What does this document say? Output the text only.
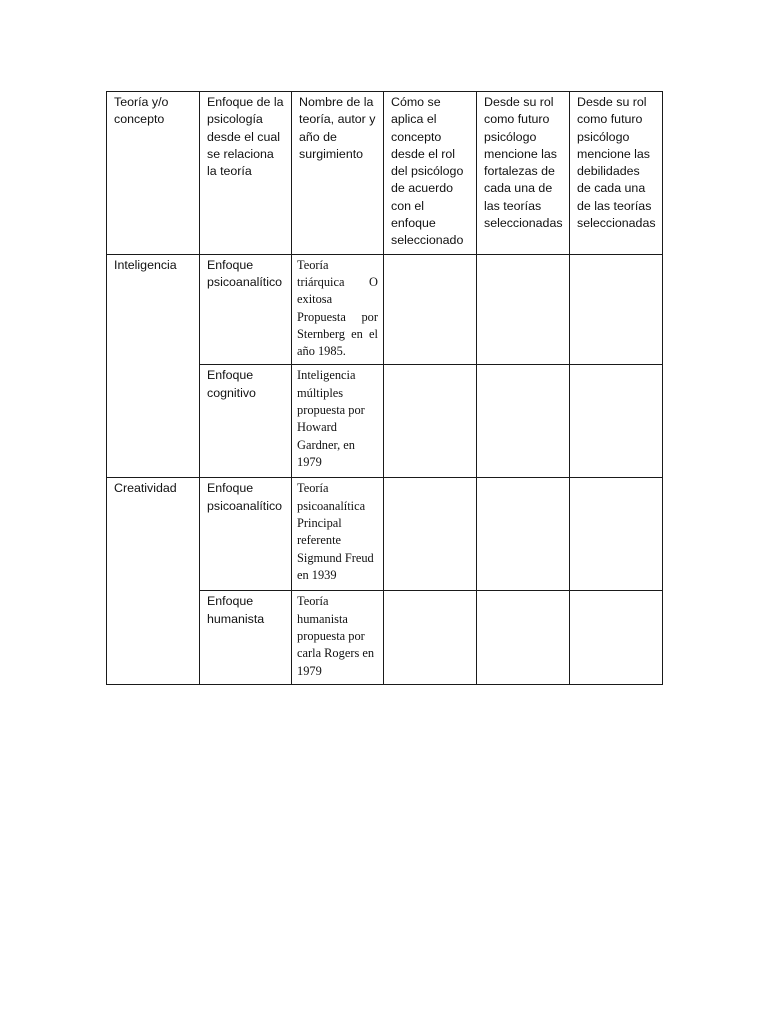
Teoría y/o concepto	Enfoque de la psicología desde el cual se relaciona la teoría	Nombre de la teoría, autor y año de surgimiento	Cómo se aplica el concepto desde el rol del psicólogo de acuerdo con el enfoque seleccionado	Desde su rol como futuro psicólogo mencione las fortalezas de cada una de las teorías seleccionadas	Desde su rol como futuro psicólogo mencione las debilidades de cada una de las teorías seleccionadas
Inteligencia	Enfoque psicoanalítico	Teoría triárquica O exitosa Propuesta por Sternberg en el año 1985.			
	Enfoque cognitivo	Inteligencia múltiples propuesta por Howard Gardner, en 1979			
Creatividad	Enfoque psicoanalítico	Teoría psicoanalítica Principal referente Sigmund Freud en 1939			
	Enfoque humanista	Teoría humanista propuesta por carla Rogers en 1979			
